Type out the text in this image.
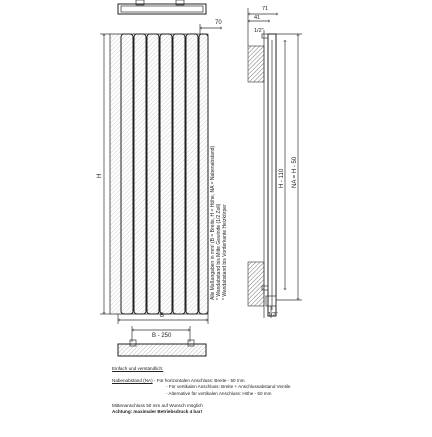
70
H
B
B - 250
Alle Maßangaben in mm! (B = Breite, H = Höhe, NA = Nabenabstand) * Wandabstand bis Mitte Gewinde (1/2 Zoll) * Wandabstand bis Vorderkante Heizkörper
71
41
1/2"
H - 110 NA = H - 50
1/2"
Einfach und verständlich:
Nabenabstand (NA) - Für horizontalen Anschluss: Breite - 50 mm
- Für vertikalen Anschluss: Breite + Anschlussabstand Ventile
- Alternative für vertikalen Anschluss: Höhe - 50 mm
Mittenanschluss 50 mm auf Wunsch möglich
Achtung: maximaler Betriebsdruck 4 bar!
